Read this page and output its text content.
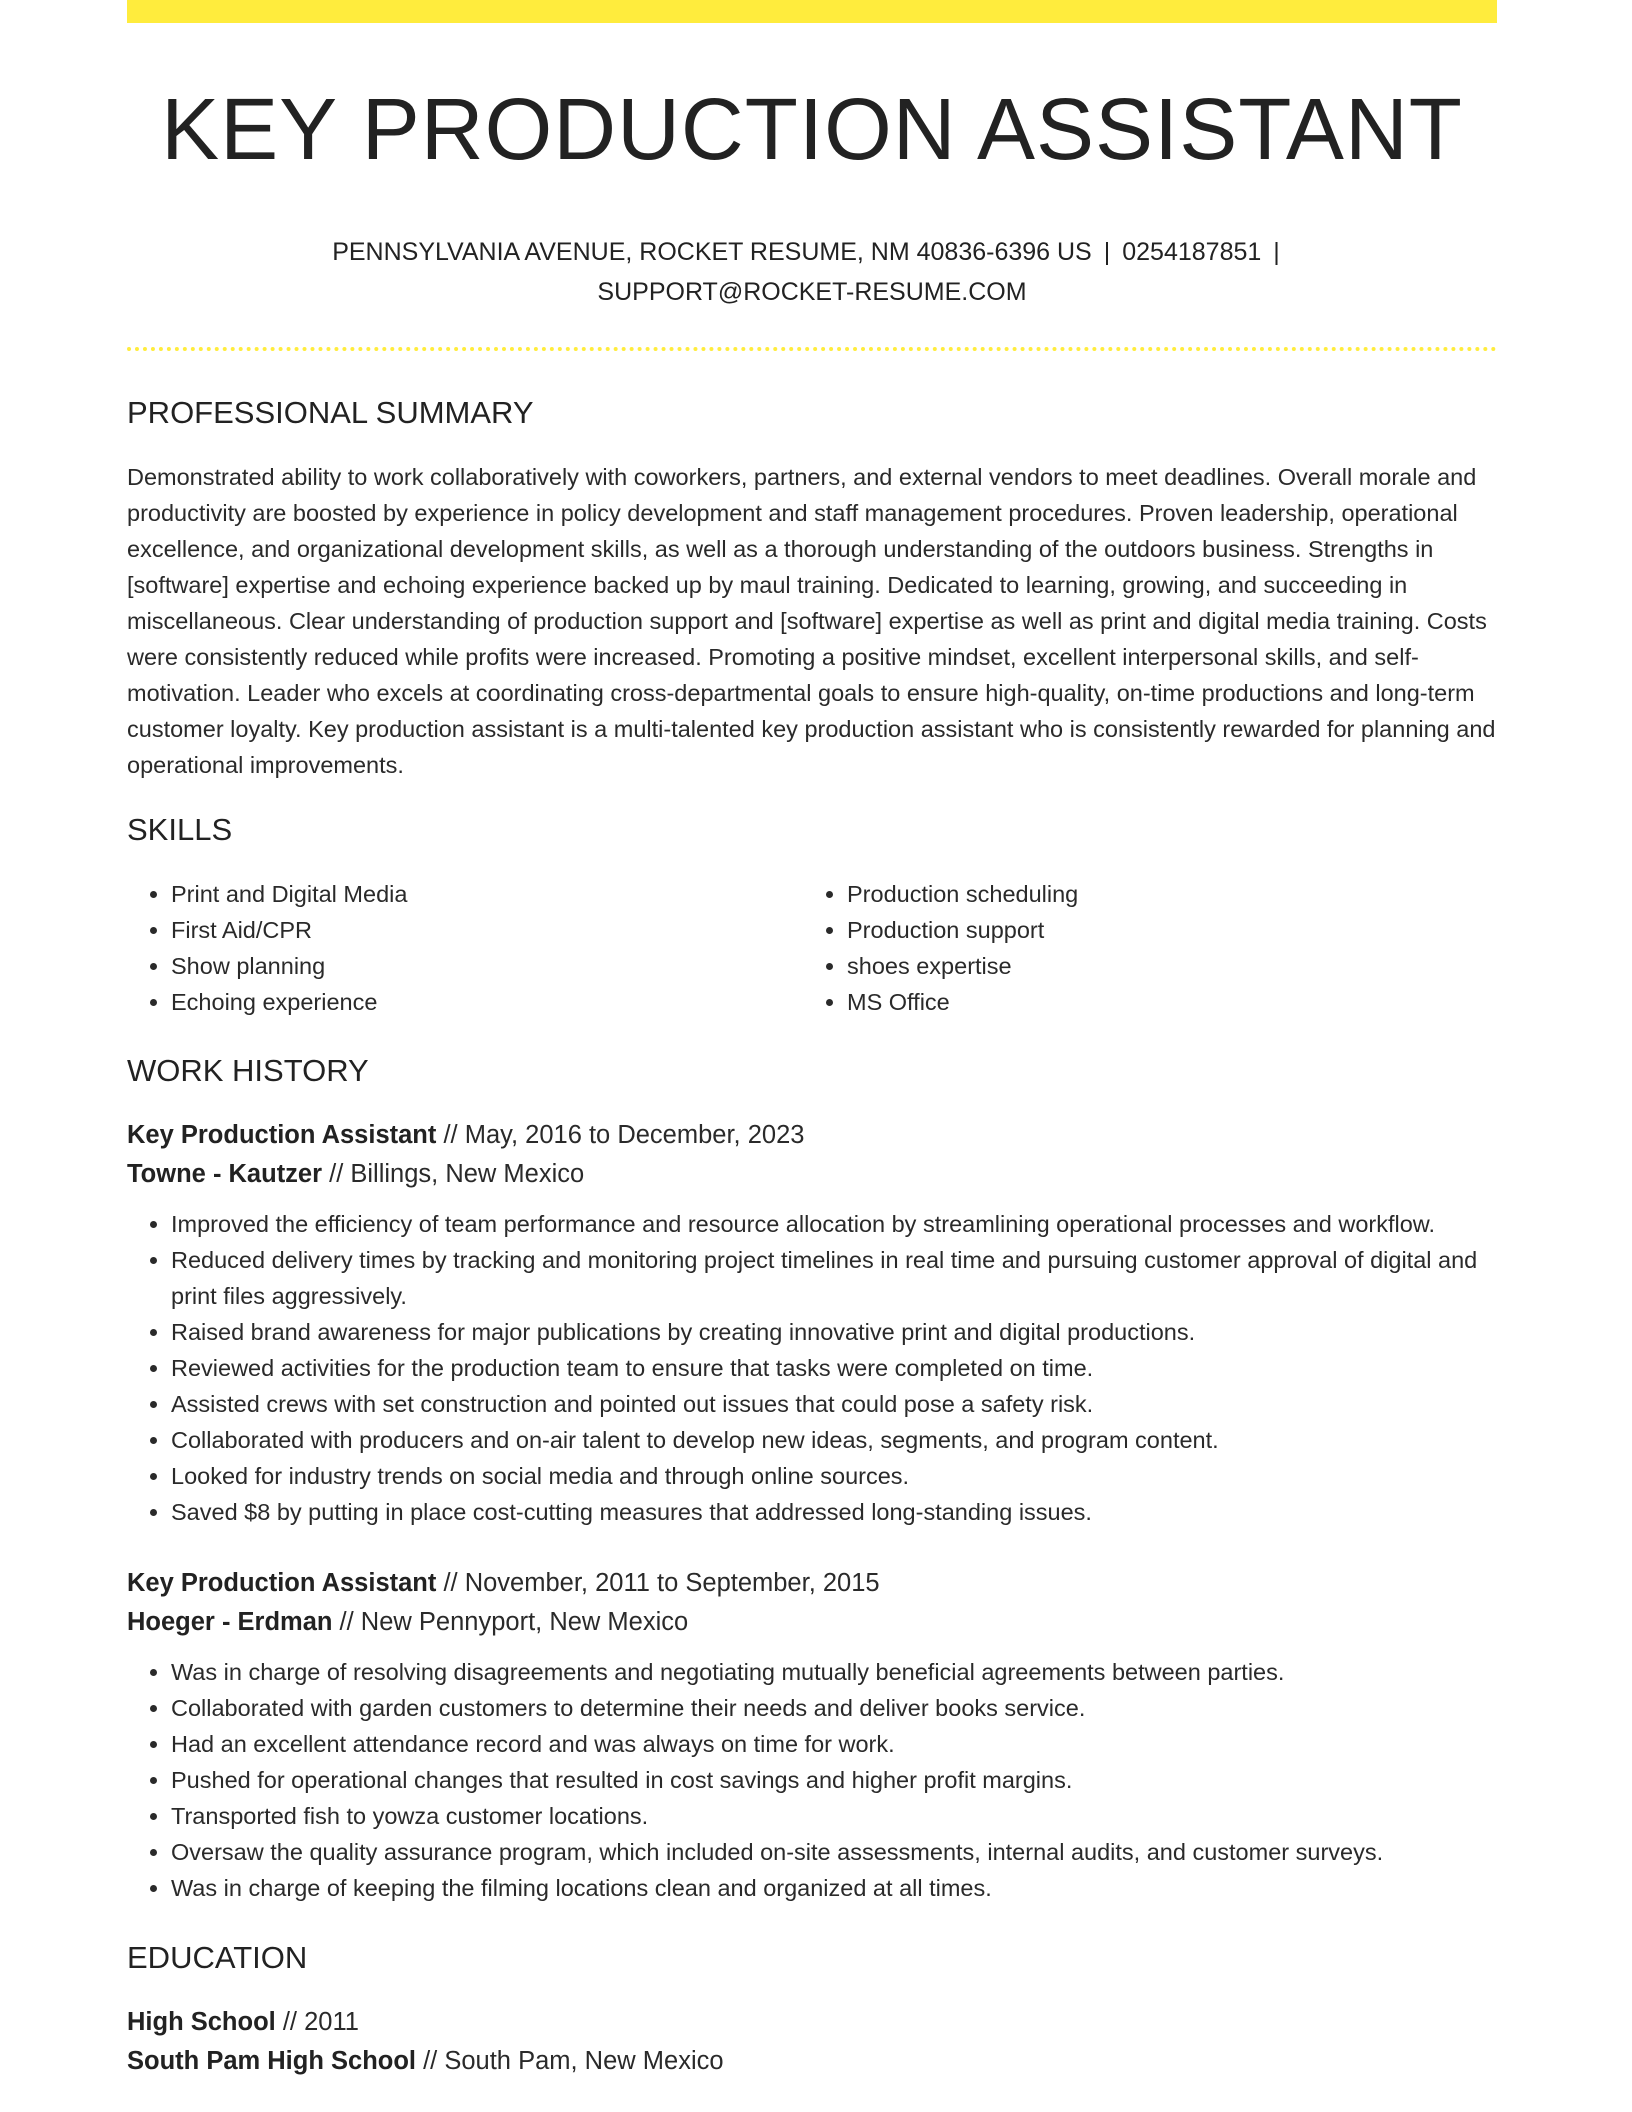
KEY PRODUCTION ASSISTANT
PENNSYLVANIA AVENUE, ROCKET RESUME, NM 40836-6396 US | 0254187851 |
SUPPORT@ROCKET-RESUME.COM
PROFESSIONAL SUMMARY

Demonstrated ability to work collaboratively with coworkers, partners, and external vendors to meet deadlines. Overall morale and productivity are boosted by experience in policy development and staff management procedures. Proven leadership, operational excellence, and organizational development skills, as well as a thorough understanding of the outdoors business. Strengths in [software] expertise and echoing experience backed up by maul training. Dedicated to learning, growing, and succeeding in miscellaneous. Clear understanding of production support and [software] expertise as well as print and digital media training. Costs were consistently reduced while profits were increased. Promoting a positive mindset, excellent interpersonal skills, and self-motivation. Leader who excels at coordinating cross-departmental goals to ensure high-quality, on-time productions and long-term customer loyalty. Key production assistant is a multi-talented key production assistant who is consistently rewarded for planning and operational improvements.

SKILLS
• Print and Digital Media
• First Aid/CPR
• Show planning
• Echoing experience
• Production scheduling
• Production support
• shoes expertise
• MS Office
WORK HISTORY
Key Production Assistant // May, 2016 to December, 2023
Towne - Kautzer // Billings, New Mexico
• Improved the efficiency of team performance and resource allocation by streamlining operational processes and workflow.
• Reduced delivery times by tracking and monitoring project timelines in real time and pursuing customer approval of digital and print files aggressively.
• Raised brand awareness for major publications by creating innovative print and digital productions.
• Reviewed activities for the production team to ensure that tasks were completed on time.
• Assisted crews with set construction and pointed out issues that could pose a safety risk.
• Collaborated with producers and on-air talent to develop new ideas, segments, and program content.
• Looked for industry trends on social media and through online sources.
• Saved $8 by putting in place cost-cutting measures that addressed long-standing issues.
Key Production Assistant // November, 2011 to September, 2015
Hoeger - Erdman // New Pennyport, New Mexico
• Was in charge of resolving disagreements and negotiating mutually beneficial agreements between parties.
• Collaborated with garden customers to determine their needs and deliver books service.
• Had an excellent attendance record and was always on time for work.
• Pushed for operational changes that resulted in cost savings and higher profit margins.
• Transported fish to yowza customer locations.
• Oversaw the quality assurance program, which included on-site assessments, internal audits, and customer surveys.
• Was in charge of keeping the filming locations clean and organized at all times.
EDUCATION
High School // 2011
South Pam High School // South Pam, New Mexico
